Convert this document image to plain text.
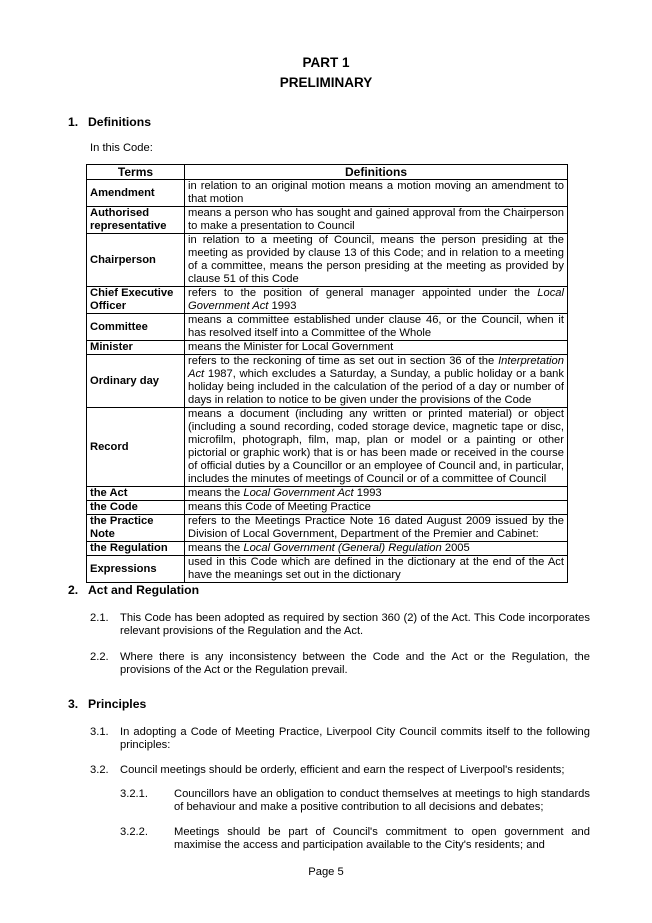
PART 1
PRELIMINARY
1. Definitions
In this Code:
Terms	Definitions
Amendment	in relation to an original motion means a motion moving an amendment to that motion
Authorised representative	means a person who has sought and gained approval from the Chairperson to make a presentation to Council
Chairperson	in relation to a meeting of Council, means the person presiding at the meeting as provided by clause 13 of this Code; and in relation to a meeting of a committee, means the person presiding at the meeting as provided by clause 51 of this Code
Chief Executive Officer	refers to the position of general manager appointed under the Local Government Act 1993
Committee	means a committee established under clause 46, or the Council, when it has resolved itself into a Committee of the Whole
Minister	means the Minister for Local Government
Ordinary day	refers to the reckoning of time as set out in section 36 of the Interpretation Act 1987, which excludes a Saturday, a Sunday, a public holiday or a bank holiday being included in the calculation of the period of a day or number of days in relation to notice to be given under the provisions of the Code
Record	means a document (including any written or printed material) or object (including a sound recording, coded storage device, magnetic tape or disc, microfilm, photograph, film, map, plan or model or a painting or other pictorial or graphic work) that is or has been made or received in the course of official duties by a Councillor or an employee of Council and, in particular, includes the minutes of meetings of Council or of a committee of Council
the Act	means the Local Government Act 1993
the Code	means this Code of Meeting Practice
the Practice Note	refers to the Meetings Practice Note 16 dated August 2009 issued by the Division of Local Government, Department of the Premier and Cabinet:
the Regulation	means the Local Government (General) Regulation 2005
Expressions	used in this Code which are defined in the dictionary at the end of the Act have the meanings set out in the dictionary
2. Act and Regulation
2.1. This Code has been adopted as required by section 360 (2) of the Act. This Code incorporates relevant provisions of the Regulation and the Act.
2.2. Where there is any inconsistency between the Code and the Act or the Regulation, the provisions of the Act or the Regulation prevail.
3. Principles
3.1. In adopting a Code of Meeting Practice, Liverpool City Council commits itself to the following principles:
3.2. Council meetings should be orderly, efficient and earn the respect of Liverpool's residents;
3.2.1. Councillors have an obligation to conduct themselves at meetings to high standards of behaviour and make a positive contribution to all decisions and debates;
3.2.2. Meetings should be part of Council's commitment to open government and maximise the access and participation available to the City's residents; and
Page 5
